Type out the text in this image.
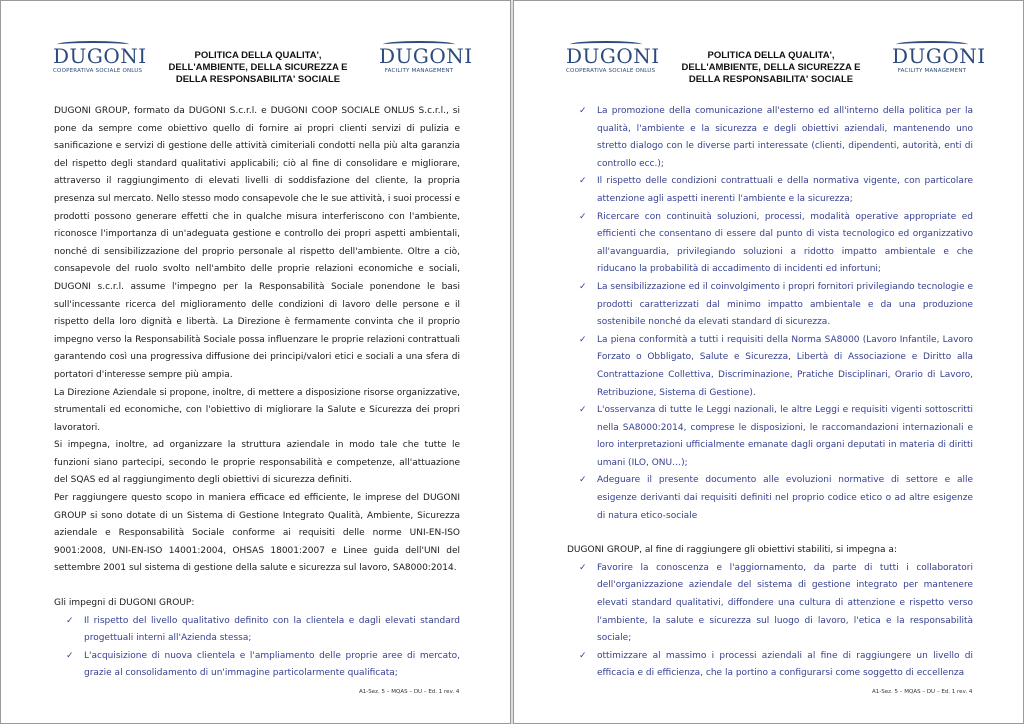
DUGONI
COOPERATIVA SOCIALE ONLUS
POLITICA DELLA QUALITA',
DELL'AMBIENTE, DELLA SICUREZZA E
DELLA RESPONSABILITA' SOCIALE
DUGONI
FACILITY MANAGEMENT

DUGONI GROUP, formato da DUGONI S.c.r.l. e DUGONI COOP SOCIALE ONLUS S.c.r.l., si pone da sempre come obiettivo quello di fornire ai propri clienti servizi di pulizia e sanificazione e servizi di gestione delle attività cimiteriali condotti nella più alta garanzia del rispetto degli standard qualitativi applicabili; ciò al fine di consolidare e migliorare, attraverso il raggiungimento di elevati livelli di soddisfazione del cliente, la propria presenza sul mercato. Nello stesso modo consapevole che le sue attività, i suoi processi e prodotti possono generare effetti che in qualche misura interferiscono con l'ambiente, riconosce l'importanza di un'adeguata gestione e controllo dei propri aspetti ambientali, nonché di sensibilizzazione del proprio personale al rispetto dell'ambiente. Oltre a ciò, consapevole del ruolo svolto nell'ambito delle proprie relazioni economiche e sociali, DUGONI s.c.r.l. assume l'impegno per la Responsabilità Sociale ponendone le basi sull'incessante ricerca del miglioramento delle condizioni di lavoro delle persone e il rispetto della loro dignità e libertà. La Direzione è fermamente convinta che il proprio impegno verso la Responsabilità Sociale possa influenzare le proprie relazioni contrattuali garantendo così una progressiva diffusione dei principi/valori etici e sociali a una sfera di portatori d'interesse sempre più ampia.

La Direzione Aziendale si propone, inoltre, di mettere a disposizione risorse organizzative, strumentali ed economiche, con l'obiettivo di migliorare la Salute e Sicurezza dei propri lavoratori.

Si impegna, inoltre, ad organizzare la struttura aziendale in modo tale che tutte le funzioni siano partecipi, secondo le proprie responsabilità e competenze, all'attuazione del SQAS ed al raggiungimento degli obiettivi di sicurezza definiti.

Per raggiungere questo scopo in maniera efficace ed efficiente, le imprese del DUGONI GROUP si sono dotate di un Sistema di Gestione Integrato Qualità, Ambiente, Sicurezza aziendale e Responsabilità Sociale conforme ai requisiti delle norme UNI-EN-ISO 9001:2008, UNI-EN-ISO 14001:2004, OHSAS 18001:2007 e Linee guida dell'UNI del settembre 2001 sul sistema di gestione della salute e sicurezza sul lavoro, SA8000:2014.

Gli impegni di DUGONI GROUP:

✓ Il rispetto del livello qualitativo definito con la clientela e dagli elevati standard progettuali interni all'Azienda stessa;
✓ L'acquisizione di nuova clientela e l'ampliamento delle proprie aree di mercato, grazie al consolidamento di un'immagine particolarmente qualificata;
A1-Sez. 5 – MQAS – DU – Ed. 1 rev. 4
DUGONI
COOPERATIVA SOCIALE ONLUS
POLITICA DELLA QUALITA',
DELL'AMBIENTE, DELLA SICUREZZA E
DELLA RESPONSABILITA' SOCIALE
DUGONI
FACILITY MANAGEMENT
✓ La promozione della comunicazione all'esterno ed all'interno della politica per la qualità, l'ambiente e la sicurezza e degli obiettivi aziendali, mantenendo uno stretto dialogo con le diverse parti interessate (clienti, dipendenti, autorità, enti di controllo ecc.);
✓ Il rispetto delle condizioni contrattuali e della normativa vigente, con particolare attenzione agli aspetti inerenti l'ambiente e la sicurezza;
✓ Ricercare con continuità soluzioni, processi, modalità operative appropriate ed efficienti che consentano di essere dal punto di vista tecnologico ed organizzativo all'avanguardia, privilegiando soluzioni a ridotto impatto ambientale e che riducano la probabilità di accadimento di incidenti ed infortuni;
✓ La sensibilizzazione ed il coinvolgimento i propri fornitori privilegiando tecnologie e prodotti caratterizzati dal minimo impatto ambientale e da una produzione sostenibile nonché da elevati standard di sicurezza.
✓ La piena conformità a tutti i requisiti della Norma SA8000 (Lavoro Infantile, Lavoro Forzato o Obbligato, Salute e Sicurezza, Libertà di Associazione e Diritto alla Contrattazione Collettiva, Discriminazione, Pratiche Disciplinari, Orario di Lavoro, Retribuzione, Sistema di Gestione).
✓ L'osservanza di tutte le Leggi nazionali, le altre Leggi e requisiti vigenti sottoscritti nella SA8000:2014, comprese le disposizioni, le raccomandazioni internazionali e loro interpretazioni ufficialmente emanate dagli organi deputati in materia di diritti umani (ILO, ONU…);
✓ Adeguare il presente documento alle evoluzioni normative di settore e alle esigenze derivanti dai requisiti definiti nel proprio codice etico o ad altre esigenze di natura etico-sociale

DUGONI GROUP, al fine di raggiungere gli obiettivi stabiliti, si impegna a:

✓ Favorire la conoscenza e l'aggiornamento, da parte di tutti i collaboratori dell'organizzazione aziendale del sistema di gestione integrato per mantenere elevati standard qualitativi, diffondere una cultura di attenzione e rispetto verso l'ambiente, la salute e sicurezza sul luogo di lavoro, l'etica e la responsabilità sociale;
✓ ottimizzare al massimo i processi aziendali al fine di raggiungere un livello di efficacia e di efficienza, che la portino a configurarsi come soggetto di eccellenza
A1-Sez. 5 – MQAS – DU – Ed. 1 rev. 4
